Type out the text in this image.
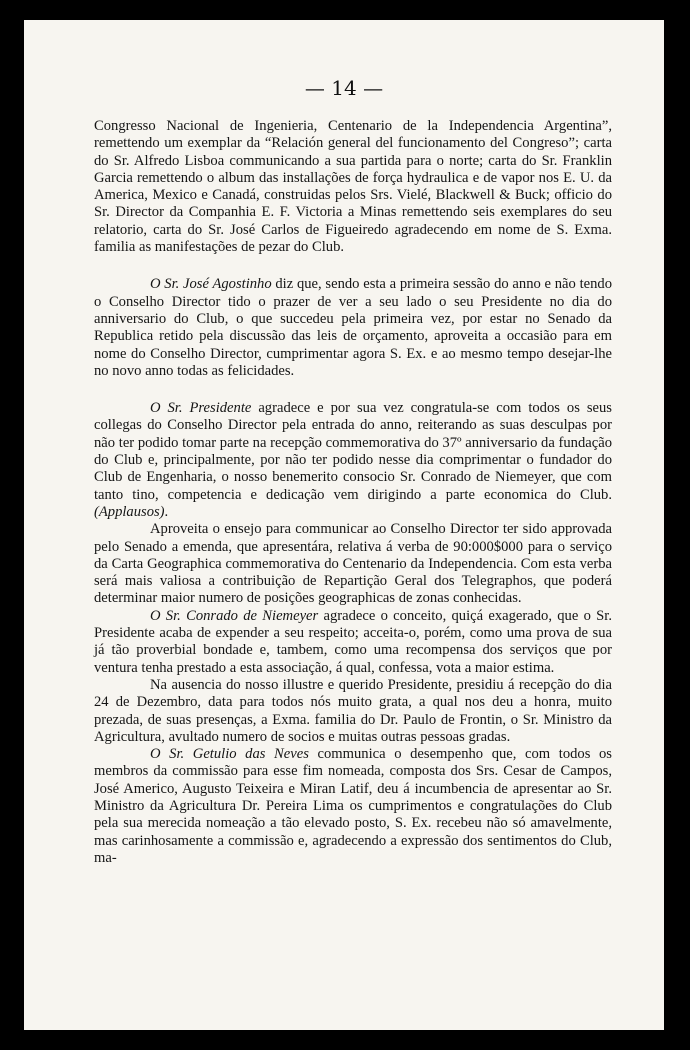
— 14 —

Congresso Nacional de Ingenieria, Centenario de la Independencia Argentina”, remettendo um exemplar da “Relación general del funcionamento del Congreso”; carta do Sr. Alfredo Lisboa communicando a sua partida para o norte; carta do Sr. Franklin Garcia remettendo o album das installações de força hydraulica e de vapor nos E. U. da America, Mexico e Canadá, construidas pelos Srs. Vielé, Blackwell & Buck; officio do Sr. Director da Companhia E. F. Victoria a Minas remettendo seis exemplares do seu relatorio, carta do Sr. José Carlos de Figueiredo agradecendo em nome de S. Exma. familia as manifestações de pezar do Club.

O Sr. José Agostinho diz que, sendo esta a primeira sessão do anno e não tendo o Conselho Director tido o prazer de ver a seu lado o seu Presidente no dia do anniversario do Club, o que succedeu pela primeira vez, por estar no Senado da Republica retido pela discussão das leis de orçamento, aproveita a occasião para em nome do Conselho Director, cumprimentar agora S. Ex. e ao mesmo tempo desejar-lhe no novo anno todas as felicidades.

O Sr. Presidente agradece e por sua vez congratula-se com todos os seus collegas do Conselho Director pela entrada do anno, reiterando as suas desculpas por não ter podido tomar parte na recepção commemorativa do 37º anniversario da fundação do Club e, principalmente, por não ter podido nesse dia comprimentar o fundador do Club de Engenharia, o nosso benemerito consocio Sr. Conrado de Niemeyer, que com tanto tino, competencia e dedicação vem dirigindo a parte economica do Club. (Applausos).

Aproveita o ensejo para communicar ao Conselho Director ter sido approvada pelo Senado a emenda, que apresentára, relativa á verba de 90:000$000 para o serviço da Carta Geographica commemorativa do Centenario da Independencia. Com esta verba será mais valiosa a contribuição de Repartição Geral dos Telegraphos, que poderá determinar maior numero de posições geographicas de zonas conhecidas.

O Sr. Conrado de Niemeyer agradece o conceito, quiçá exagerado, que o Sr. Presidente acaba de expender a seu respeito; acceita-o, porém, como uma prova de sua já tão proverbial bondade e, tambem, como uma recompensa dos serviços que por ventura tenha prestado a esta associação, á qual, confessa, vota a maior estima.

Na ausencia do nosso illustre e querido Presidente, presidiu á recepção do dia 24 de Dezembro, data para todos nós muito grata, a qual nos deu a honra, muito prezada, de suas presenças, a Exma. familia do Dr. Paulo de Frontin, o Sr. Ministro da Agricultura, avultado numero de socios e muitas outras pessoas gradas.

O Sr. Getulio das Neves communica o desempenho que, com todos os membros da commissão para esse fim nomeada, composta dos Srs. Cesar de Campos, José Americo, Augusto Teixeira e Miran Latif, deu á incumbencia de apresentar ao Sr. Ministro da Agricultura Dr. Pereira Lima os cumprimentos e congratulações do Club pela sua merecida nomeação a tão elevado posto, S. Ex. recebeu não só amavelmente, mas carinhosamente a commissão e, agradecendo a expressão dos sentimentos do Club, ma-
